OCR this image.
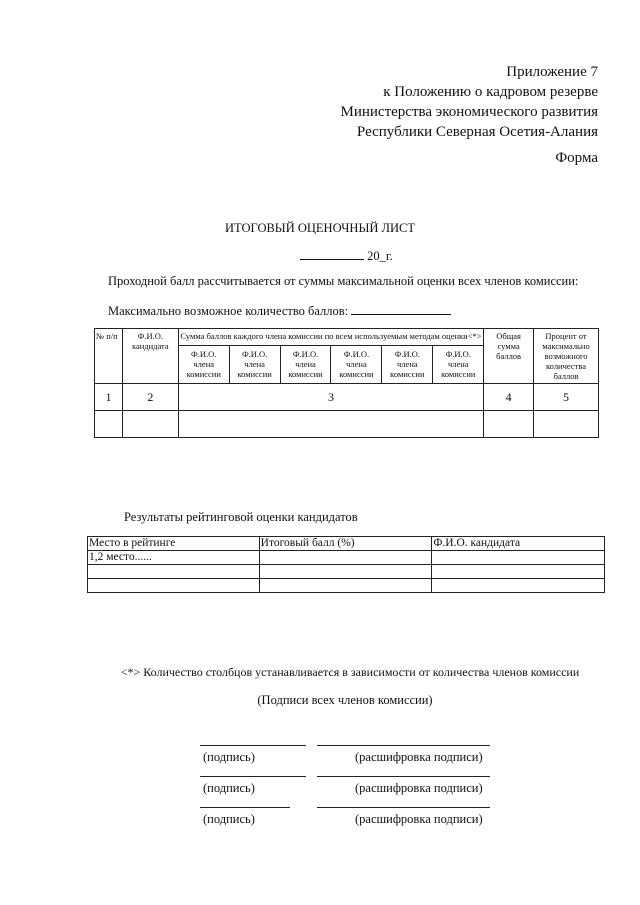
Приложение 7
к Положению о кадровом резерве
Министерства экономического развития
Республики Северная Осетия-Алания
Форма
ИТОГОВЫЙ ОЦЕНОЧНЫЙ ЛИСТ
20_г.
Проходной балл рассчитывается от суммы максимальной оценки всех членов комиссии:
Максимально возможное количество баллов:
№ п/п	Ф.И.О. кандидата	Сумма баллов каждого члена комиссии по всем используемым методам оценки<*>						Общая сумма баллов	Процент от максимально возможного количества баллов
		Ф.И.О. члена комиссии	Ф.И.О. члена комиссии	Ф.И.О. члена комиссии	Ф.И.О. члена комиссии	Ф.И.О. члена комиссии	Ф.И.О. члена комиссии		
1	2	3						4	5

Результаты рейтинговой оценки кандидатов
Место в рейтинге	Итоговый балл (%)	Ф.И.О. кандидата
1,2 место......		

<*> Количество столбцов устанавливается в зависимости от количества членов комиссии
(Подписи всех членов комиссии)
(подпись)	(расшифровка подписи)
(подпись)	(расшифровка подписи)
(подпись)	(расшифровка подписи)
